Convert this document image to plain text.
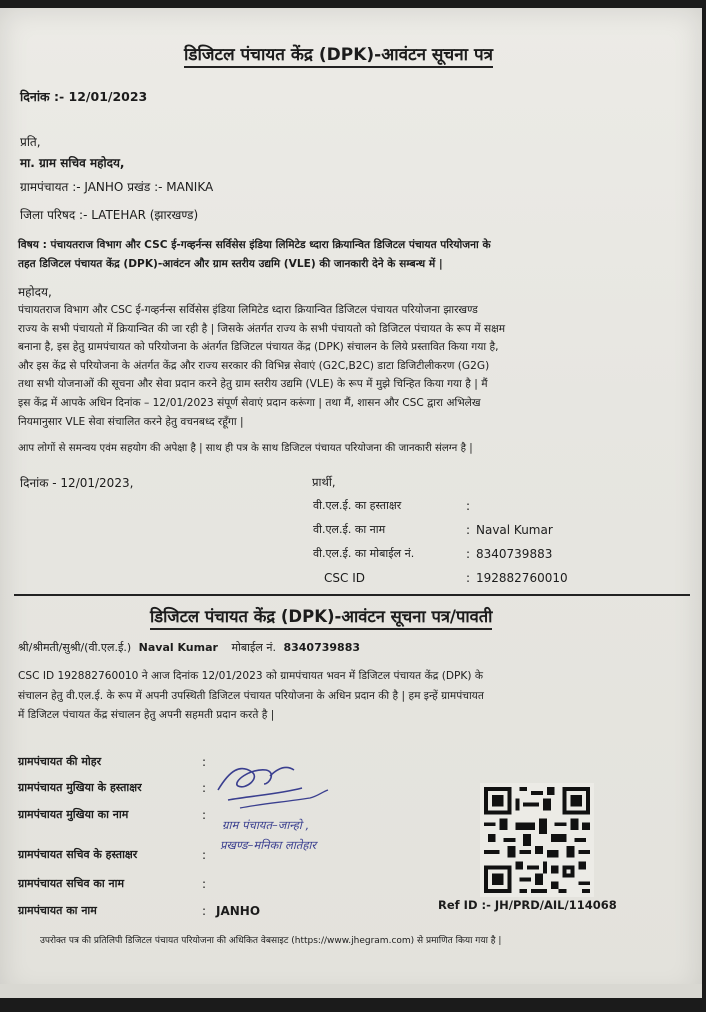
डिजिटल पंचायत केंद्र (DPK)-आवंटन सूचना पत्र
दिनांक :- 12/01/2023
प्रति,
मा. ग्राम सचिव महोदय,
ग्रामपंचायत :- JANHO प्रखंड :- MANIKA
जिला परिषद :- LATEHAR (झारखण्ड)
विषय : पंचायतराज विभाग और CSC ई-गव्हर्नन्स सर्विसेस इंडिया लिमिटेड ध्दारा क्रियान्वित डिजिटल पंचायत परियोजना के
तहत डिजिटल पंचायत केंद्र (DPK)-आवंटन और ग्राम स्तरीय उद्यमि (VLE) की जानकारी देने के सम्बन्ध में |
महोदय,
पंचायतराज विभाग और CSC ई-गव्हर्नन्स सर्विसेस इंडिया लिमिटेड ध्दारा क्रियान्वित डिजिटल पंचायत परियोजना झारखण्ड
राज्य के सभी पंचायतो में क्रियान्वित की जा रही है | जिसके अंतर्गत राज्य के सभी पंचायतो को डिजिटल पंचायत के रूप में सक्षम
बनाना है, इस हेतु ग्रामपंचायत को परियोजना के अंतर्गत डिजिटल पंचायत केंद्र (DPK) संचालन के लिये प्रस्तावित किया गया है,
और इस केंद्र से परियोजना के अंतर्गत केंद्र और राज्य सरकार की विभिन्न सेवाएं (G2C,B2C) डाटा डिजिटीलीकरण (G2G)
तथा सभी योजनाओं की सूचना और सेवा प्रदान करने हेतु ग्राम स्तरीय उद्यमि (VLE) के रूप में मुझे चिन्हित किया गया है | मैं
इस केंद्र में आपके अधिन दिनांक – 12/01/2023 संपूर्ण सेवाएं प्रदान करूंगा | तथा मैं, शासन और CSC द्वारा अभिलेख
नियमानुसार VLE सेवा संचालित करने हेतु वचनबध्द रहूँगा |
आप लोगों से समन्वय एवंम सहयोग की अपेक्षा है | साथ ही पत्र के साथ डिजिटल पंचायत परियोजना की जानकारी संलग्न है |
दिनांक - 12/01/2023,	प्रार्थी,
वी.एल.ई. का हस्ताक्षर	:
वी.एल.ई. का नाम	: Naval Kumar
वी.एल.ई. का मोबाईल नं.	: 8340739883
CSC ID	: 192882760010
डिजिटल पंचायत केंद्र (DPK)-आवंटन सूचना पत्र/पावती
श्री/श्रीमती/सुश्री/(वी.एल.ई.) Naval Kumar मोबाईल नं. 8340739883
CSC ID 192882760010 ने आज दिनांक 12/01/2023 को ग्रामपंचायत भवन में डिजिटल पंचायत केंद्र (DPK) के
संचालन हेतु वी.एल.ई. के रूप में अपनी उपस्थिती डिजिटल पंचायत परियोजना के अधिन प्रदान की है | हम इन्हें ग्रामपंचायत
में डिजिटल पंचायत केंद्र संचालन हेतु अपनी सहमती प्रदान करते है |
ग्रामपंचायत की मोहर	:
ग्रामपंचायत मुखिया के हस्ताक्षर	:
ग्रामपंचायत मुखिया का नाम	:
ग्रामपंचायत सचिव के हस्ताक्षर	:
ग्रामपंचायत सचिव का नाम	:
ग्रामपंचायत का नाम	: JANHO
ग्राम पंचायत–जान्हो ,
प्रखण्ड–मनिका लातेहार
Ref ID :- JH/PRD/AIL/114068
उपरोक्त पत्र की प्रतिलिपी डिजिटल पंचायत परियोजना की अधिकित वेबसाइट (https://www.jhegram.com) से प्रमाणित किया गया है |
